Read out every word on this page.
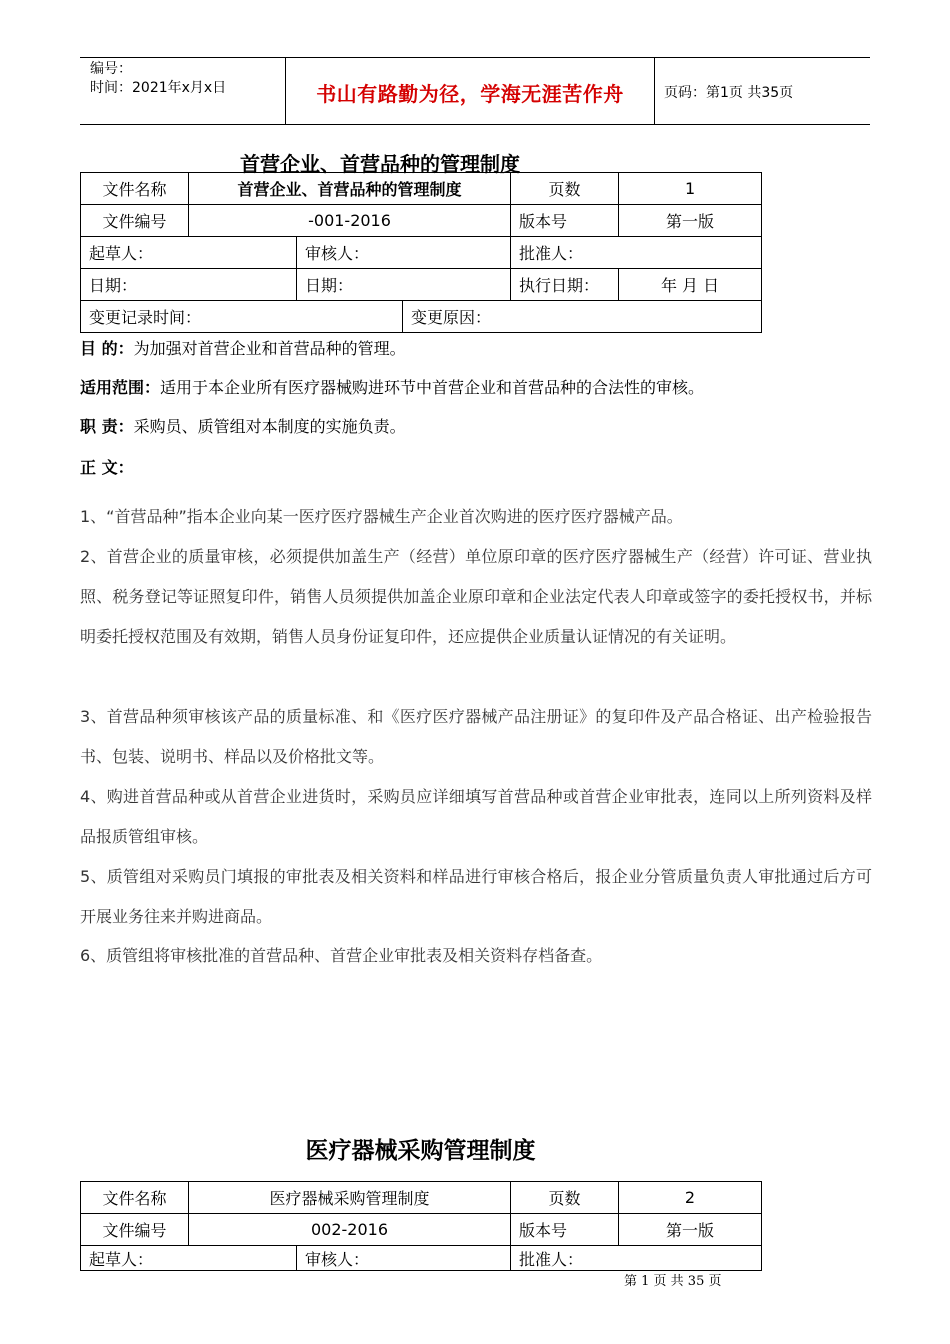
编号：
时间：2021年x月x日	书山有路勤为径，学海无涯苦作舟	页码：第1页 共35页
首营企业、首营品种的管理制度
文件名称	首营企业、首营品种的管理制度			页数	1
文件编号	-001-2016			版本号	第一版
起草人：		审核人：		批准人：	
日期：		日期：		执行日期：	年 月 日
变更记录时间：			变更原因：		
目 的：为加强对首营企业和首营品种的管理。
适用范围：适用于本企业所有医疗器械购进环节中首营企业和首营品种的合法性的审核。
职 责：采购员、质管组对本制度的实施负责。
正 文：
1、“首营品种”指本企业向某一医疗医疗器械生产企业首次购进的医疗医疗器械产品。
2、首营企业的质量审核，必须提供加盖生产（经营）单位原印章的医疗医疗器械生产（经营）许可证、营业执照、税务登记等证照复印件，销售人员须提供加盖企业原印章和企业法定代表人印章或签字的委托授权书，并标明委托授权范围及有效期，销售人员身份证复印件，还应提供企业质量认证情况的有关证明。
3、首营品种须审核该产品的质量标准、和《医疗医疗器械产品注册证》的复印件及产品合格证、出产检验报告书、包装、说明书、样品以及价格批文等。
4、购进首营品种或从首营企业进货时，采购员应详细填写首营品种或首营企业审批表，连同以上所列资料及样品报质管组审核。
5、质管组对采购员门填报的审批表及相关资料和样品进行审核合格后，报企业分管质量负责人审批通过后方可开展业务往来并购进商品。
6、质管组将审核批准的首营品种、首营企业审批表及相关资料存档备查。
医疗器械采购管理制度
文件名称	医疗器械采购管理制度		页数	2
文件编号	002-2016		版本号	第一版
起草人：		审核人：	批准人：	
第 1 页 共 35 页
